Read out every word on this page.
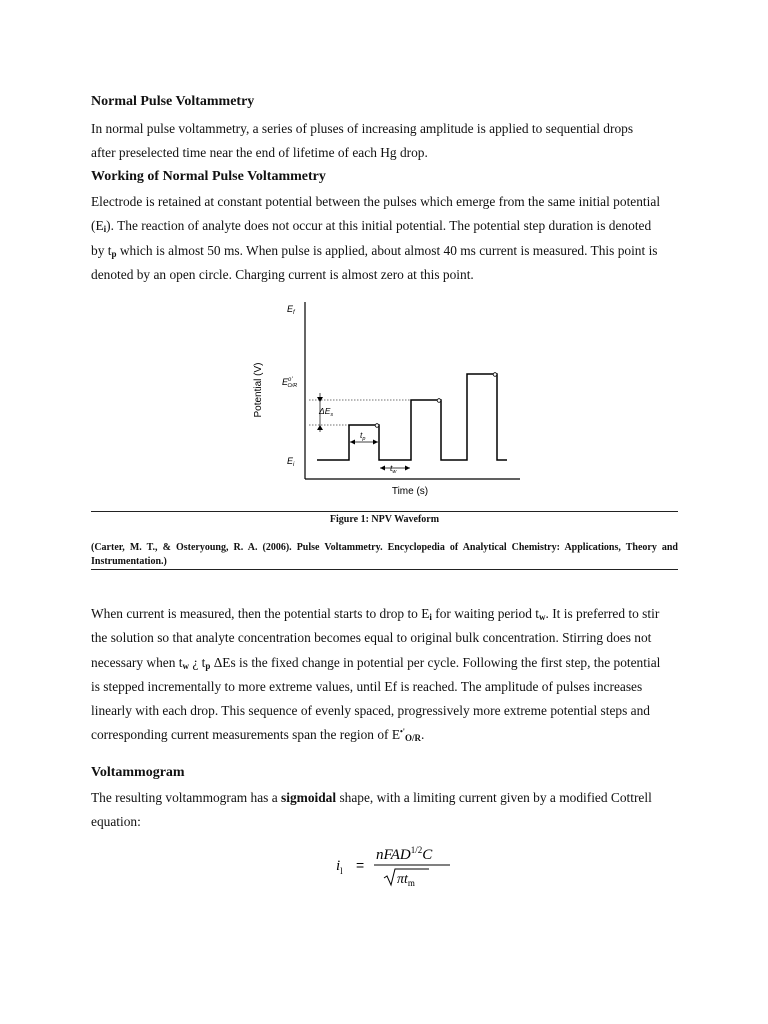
Normal Pulse Voltammetry

In normal pulse voltammetry, a series of pluses of increasing amplitude is applied to sequential drops
after preselected time near the end of lifetime of each Hg drop.

Working of Normal Pulse Voltammetry

Electrode is retained at constant potential between the pulses which emerge from the same initial potential
$(E_i)$. The reaction of analyte does not occur at this initial potential. The potential step duration is denoted
by $t_p$ which is almost 50 ms. When pulse is applied, about almost 40 ms current is measured. This point is
denoted by an open circle. Charging current is almost zero at this point.

Potential (V)
Time (s)
$E_f$
$E^{o'}$ O/R
$E_i$
$\Delta E_s$
$t_p$
$t_w$
Figure 1: NPV Waveform

(Carter, M. T., & Osteryoung, R. A. (2006). Pulse Voltammetry. Encyclopedia of Analytical Chemistry: Applications, Theory and Instrumentation.)

When current is measured, then the potential starts to drop to $E_i$ for waiting period $t_w$. It is preferred to stir
the solution so that analyte concentration becomes equal to original bulk concentration. Stirring does not
necessary when $t_w$ ¿ $t_p$ ΔEs is the fixed change in potential per cycle. Following the first step, the potential
is stepped incrementally to more extreme values, until Ef is reached. The amplitude of pulses increases
linearly with each drop. This sequence of evenly spaced, progressively more extreme potential steps and
corresponding current measurements span the region of $E^{•'}_{O/R}$.

Voltammogram

The resulting voltammogram has a sigmoidal shape, with a limiting current given by a modified Cottrell
equation:

$i_l$ =
nFAD$^{1/2}$C
$\pi t_m$
